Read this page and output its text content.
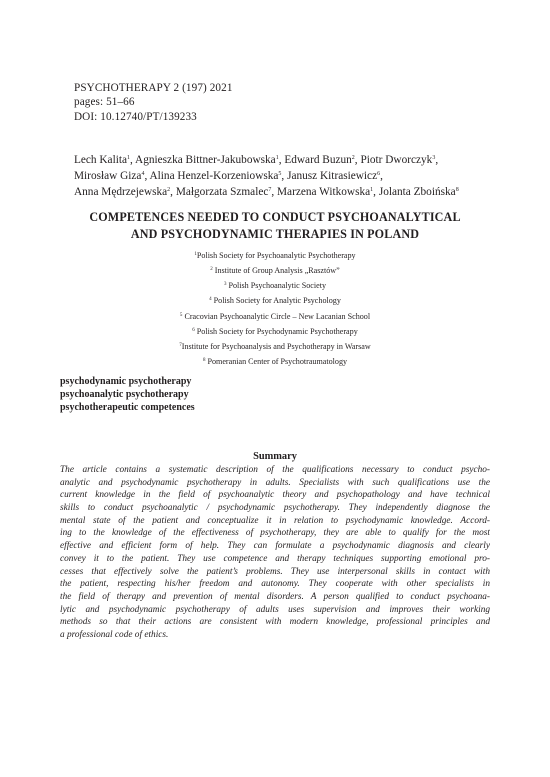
PSYCHOTHERAPY 2 (197) 2021
pages: 51–66
DOI: 10.12740/PT/139233
Lech Kalita$^1$, Agnieszka Bittner-Jakubowska$^1$, Edward Buzun$^2$, Piotr Dworczyk$^3$,
Mirosław Giza$^4$, Alina Henzel-Korzeniowska$^5$, Janusz Kitrasiewicz$^6$,
Anna Mędrzejewska$^2$, Małgorzata Szmalec$^7$, Marzena Witkowska$^1$, Jolanta Zboińska$^8$
COMPETENCES NEEDED TO CONDUCT PSYCHOANALYTICAL
AND PSYCHODYNAMIC THERAPIES IN POLAND
$^1$Polish Society for Psychoanalytic Psychotherapy
$^2$ Institute of Group Analysis „Rasztów”
$^3$ Polish Psychoanalytic Society
$^4$ Polish Society for Analytic Psychology
$^5$ Cracovian Psychoanalytic Circle – New Lacanian School
$^6$ Polish Society for Psychodynamic Psychotherapy
$^7$Institute for Psychoanalysis and Psychotherapy in Warsaw
$^8$ Pomeranian Center of Psychotraumatology
psychodynamic psychotherapy
psychoanalytic psychotherapy
psychotherapeutic competences
Summary
The article contains a systematic description of the qualifications necessary to conduct psycho-
analytic and psychodynamic psychotherapy in adults. Specialists with such qualifications use the
current knowledge in the field of psychoanalytic theory and psychopathology and have technical
skills to conduct psychoanalytic / psychodynamic psychotherapy. They independently diagnose the
mental state of the patient and conceptualize it in relation to psychodynamic knowledge. Accord-
ing to the knowledge of the effectiveness of psychotherapy, they are able to qualify for the most
effective and efficient form of help. They can formulate a psychodynamic diagnosis and clearly
convey it to the patient. They use competence and therapy techniques supporting emotional pro-
cesses that effectively solve the patient’s problems. They use interpersonal skills in contact with
the patient, respecting his/her freedom and autonomy. They cooperate with other specialists in
the field of therapy and prevention of mental disorders. A person qualified to conduct psychoana-
lytic and psychodynamic psychotherapy of adults uses supervision and improves their working
methods so that their actions are consistent with modern knowledge, professional principles and
a professional code of ethics.
